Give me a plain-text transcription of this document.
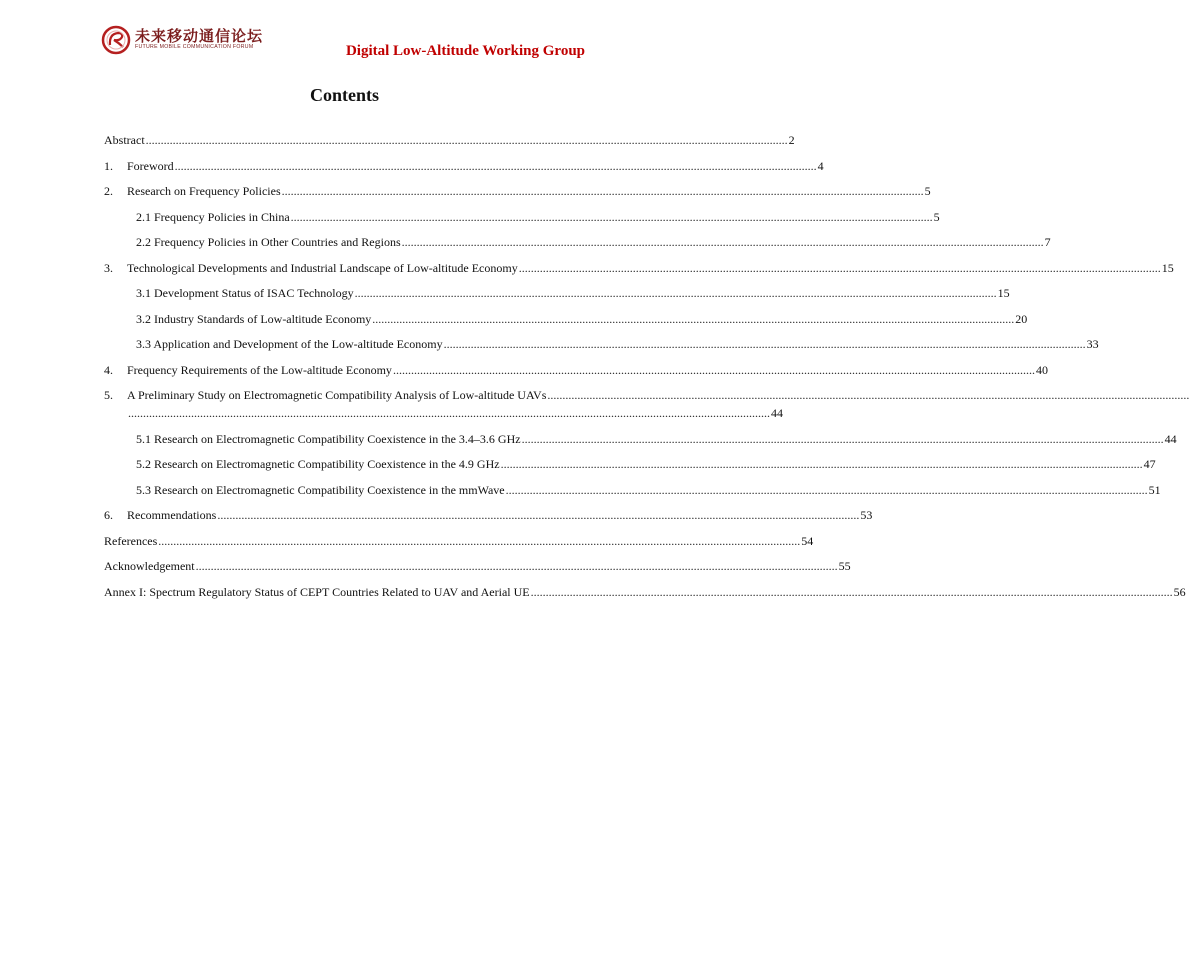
未来移动通信论坛
FUTURE MOBILE COMMUNICATION FORUM	Digital Low-Altitude Working Group
Contents
Abstract ...................................................................................................................................................................................................................... 2
1.	Foreword ...................................................................................................................................................................................................................... 4
2.	Research on Frequency Policies ...................................................................................................................................................................................................................... 5
2.1 Frequency Policies in China ...................................................................................................................................................................................................................... 5
2.2 Frequency Policies in Other Countries and Regions ...................................................................................................................................................................................................................... 7
3.	Technological Developments and Industrial Landscape of Low-altitude Economy ...................................................................................................................................................................................................................... 15
3.1 Development Status of ISAC Technology ...................................................................................................................................................................................................................... 15
3.2 Industry Standards of Low-altitude Economy ...................................................................................................................................................................................................................... 20
3.3 Application and Development of the Low-altitude Economy ...................................................................................................................................................................................................................... 33
4.	Frequency Requirements of the Low-altitude Economy ...................................................................................................................................................................................................................... 40
5.	A Preliminary Study on Electromagnetic Compatibility Analysis of Low-altitude UAVs ......................................................................................................................................................................................................................
...................................................................................................................................................................................................................... 44
5.1 Research on Electromagnetic Compatibility Coexistence in the 3.4–3.6 GHz ...................................................................................................................................................................................................................... 44
5.2 Research on Electromagnetic Compatibility Coexistence in the 4.9 GHz ...................................................................................................................................................................................................................... 47
5.3 Research on Electromagnetic Compatibility Coexistence in the mmWave ...................................................................................................................................................................................................................... 51
6.	Recommendations ...................................................................................................................................................................................................................... 53
References ...................................................................................................................................................................................................................... 54
Acknowledgement ...................................................................................................................................................................................................................... 55
Annex I: Spectrum Regulatory Status of CEPT Countries Related to UAV and Aerial UE ...................................................................................................................................................................................................................... 56
